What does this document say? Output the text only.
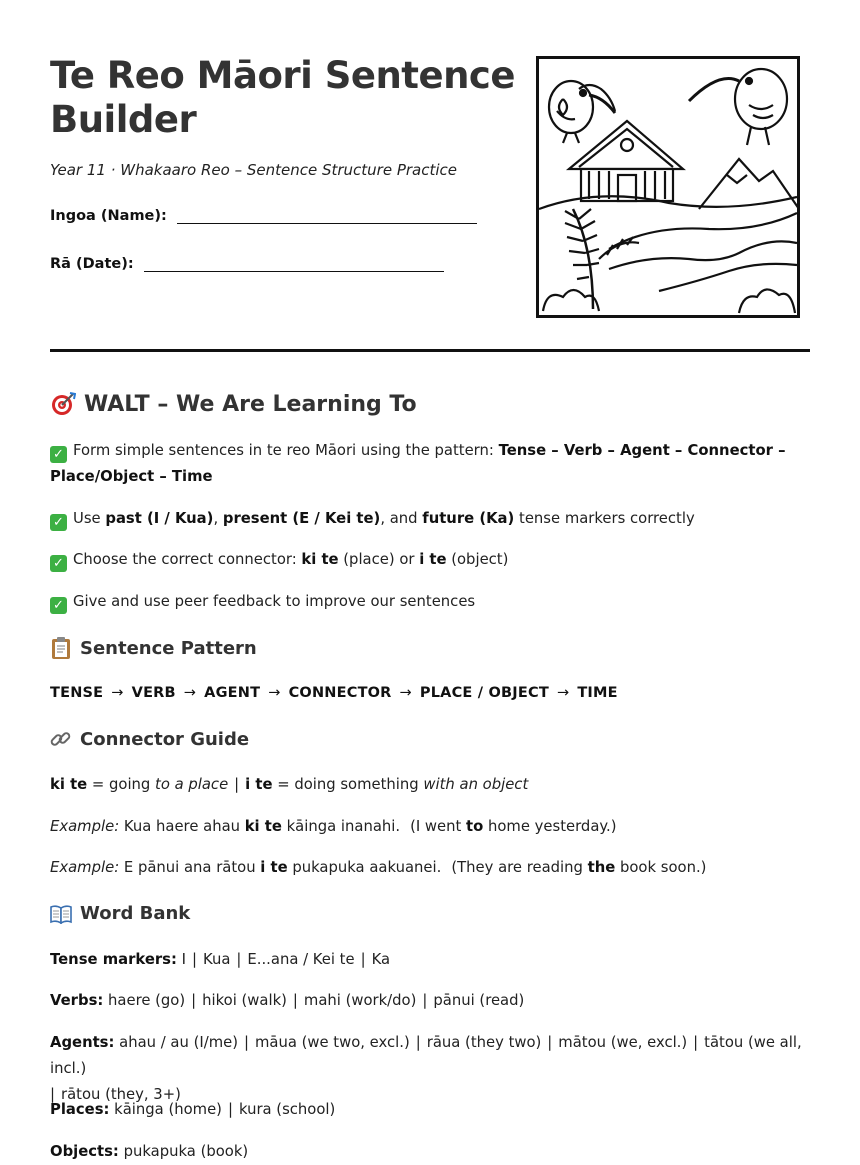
Te Reo Māori Sentence Builder
Year 11 · Whakaaro Reo – Sentence Structure Practice
Ingoa (Name):
Rā (Date):
WALT – We Are Learning To
✓ Form simple sentences in te reo Māori using the pattern: Tense – Verb – Agent – Connector – Place/Object – Time
✓ Use past (I / Kua), present (E / Kei te), and future (Ka) tense markers correctly
✓ Choose the correct connector: ki te (place) or i te (object)
✓ Give and use peer feedback to improve our sentences
Sentence Pattern
TENSE → VERB → AGENT → CONNECTOR → PLACE / OBJECT → TIME
Connector Guide
ki te = going to a place | i te = doing something with an object
Example: Kua haere ahau ki te kāinga inanahi. (I went to home yesterday.)
Example: E pānui ana rātou i te pukapuka aakuanei. (They are reading the book soon.)
Word Bank
Tense markers: I | Kua | E...ana / Kei te | Ka
Verbs: haere (go) | hikoi (walk) | mahi (work/do) | pānui (read)
Agents: ahau / au (I/me) | māua (we two, excl.) | rāua (they two) | mātou (we, excl.) | tātou (we all, incl.)
| rātou (they, 3+)
Places: kāinga (home) | kura (school)
Objects: pukapuka (book)
